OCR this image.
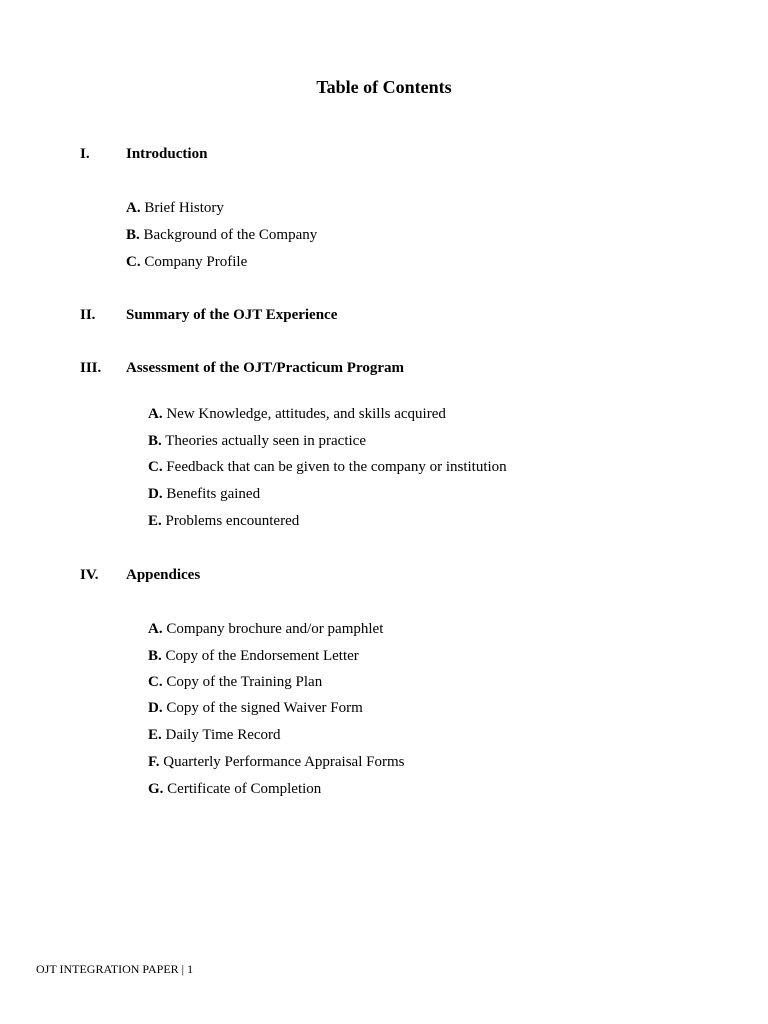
Table of Contents
I. Introduction
A. Brief History
B. Background of the Company
C. Company Profile
II. Summary of the OJT Experience
III. Assessment of the OJT/Practicum Program
A. New Knowledge, attitudes, and skills acquired
B. Theories actually seen in practice
C. Feedback that can be given to the company or institution
D. Benefits gained
E. Problems encountered
IV. Appendices
A. Company brochure and/or pamphlet
B. Copy of the Endorsement Letter
C. Copy of the Training Plan
D. Copy of the signed Waiver Form
E. Daily Time Record
F. Quarterly Performance Appraisal Forms
G. Certificate of Completion
OJT INTEGRATION PAPER | 1
